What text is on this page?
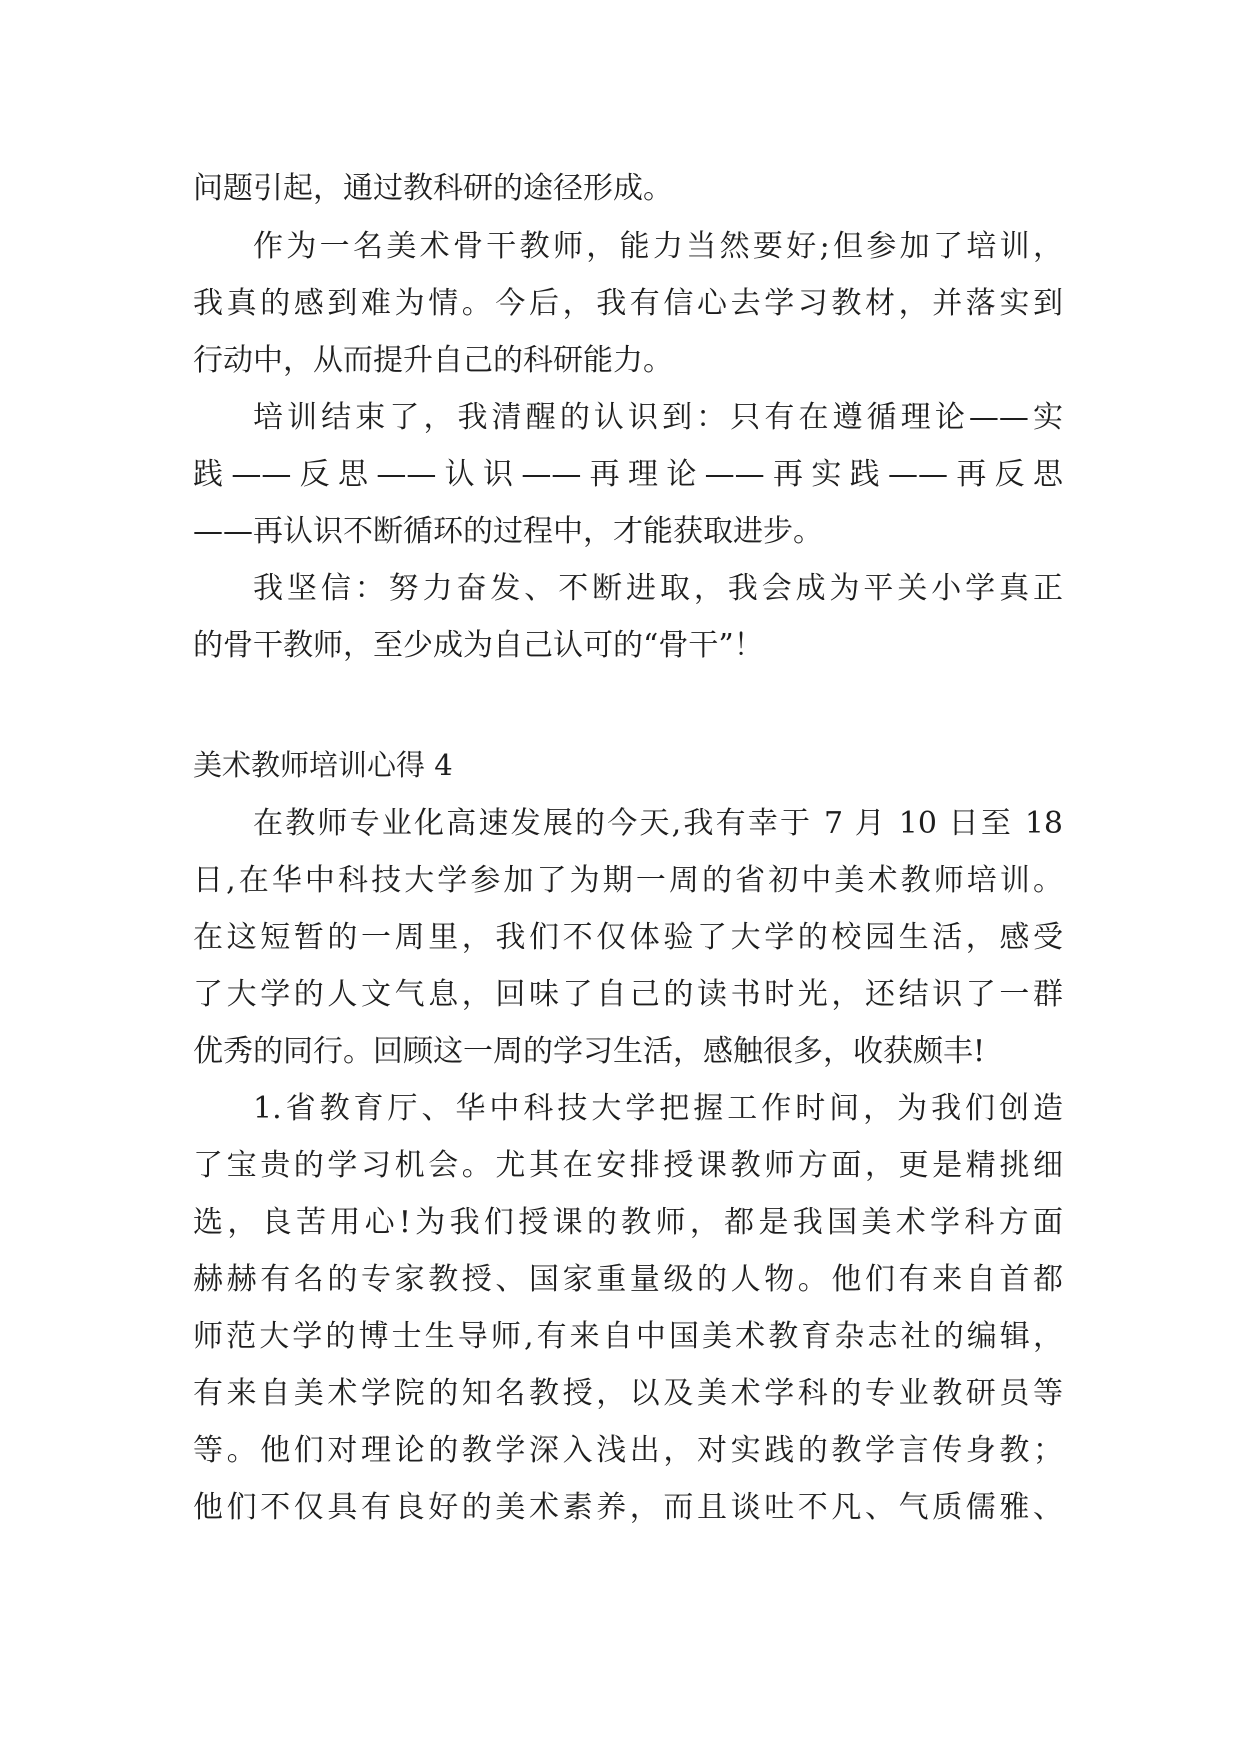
问题引起，通过教科研的途径形成。
作为一名美术骨干教师，能力当然要好;但参加了培训，
我真的感到难为情。今后，我有信心去学习教材，并落实到
行动中，从而提升自己的科研能力。
培训结束了，我清醒的认识到：只有在遵循理论——实
践——反思——认识——再理论——再实践——再反思
——再认识不断循环的过程中，才能获取进步。
我坚信：努力奋发、不断进取，我会成为平关小学真正
的骨干教师，至少成为自己认可的“骨干”！
美术教师培训心得 4
在教师专业化高速发展的今天,我有幸于 7 月 10 日至 18
日,在华中科技大学参加了为期一周的省初中美术教师培训。
在这短暂的一周里，我们不仅体验了大学的校园生活，感受
了大学的人文气息，回味了自己的读书时光，还结识了一群
优秀的同行。回顾这一周的学习生活，感触很多，收获颇丰!
1.省教育厅、华中科技大学把握工作时间，为我们创造
了宝贵的学习机会。尤其在安排授课教师方面，更是精挑细
选，良苦用心!为我们授课的教师，都是我国美术学科方面
赫赫有名的专家教授、国家重量级的人物。他们有来自首都
师范大学的博士生导师,有来自中国美术教育杂志社的编辑，
有来自美术学院的知名教授，以及美术学科的专业教研员等
等。他们对理论的教学深入浅出，对实践的教学言传身教；
他们不仅具有良好的美术素养，而且谈吐不凡、气质儒雅、
